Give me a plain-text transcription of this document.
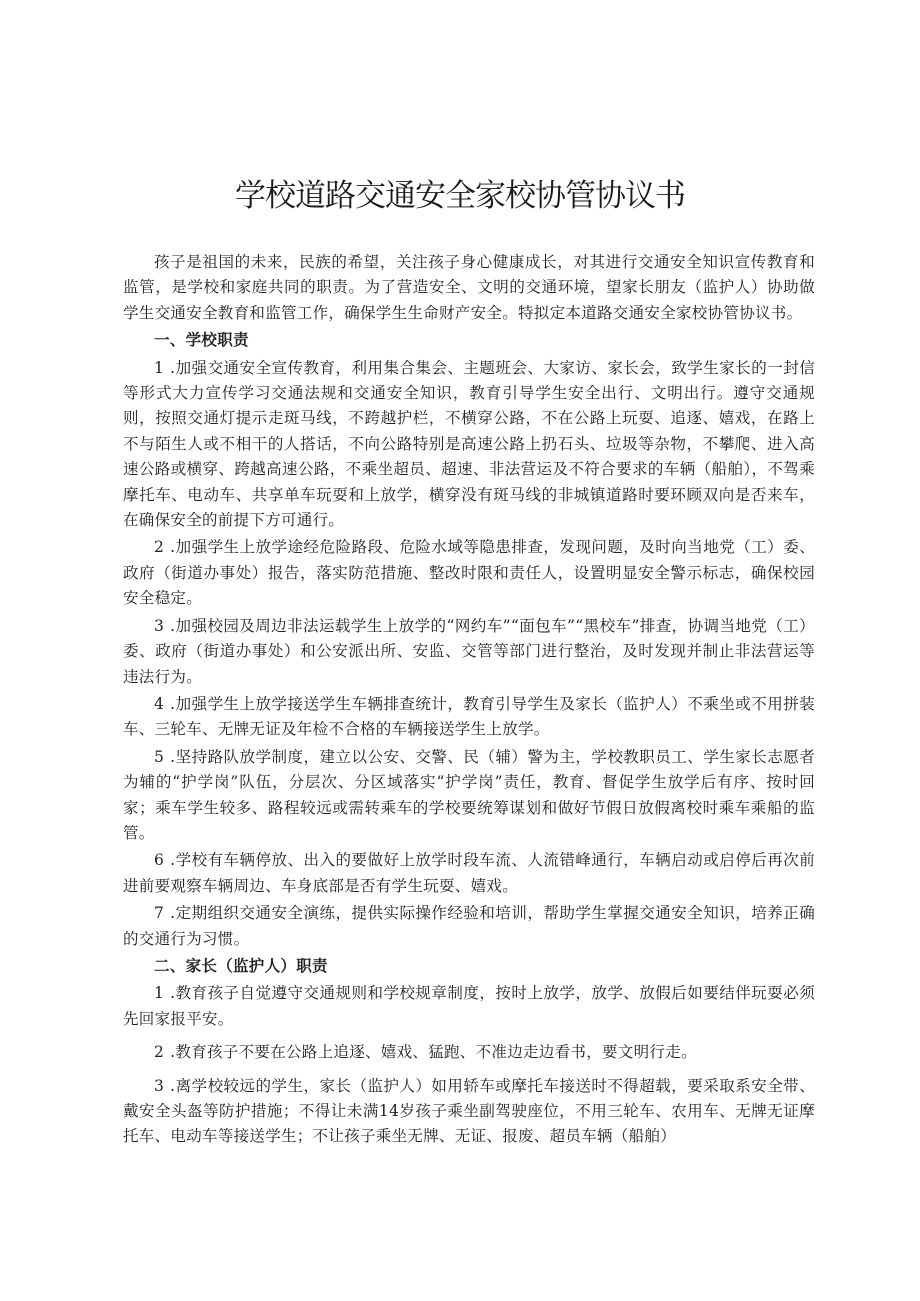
学校道路交通安全家校协管协议书

孩子是祖国的未来，民族的希望，关注孩子身心健康成长，对其进行交通安全知识宣传教育和监管，是学校和家庭共同的职责。为了营造安全、文明的交通环境，望家长朋友（监护人）协助做学生交通安全教育和监管工作，确保学生生命财产安全。特拟定本道路交通安全家校协管协议书。

一、学校职责

1 .加强交通安全宣传教育，利用集合集会、主题班会、大家访、家长会，致学生家长的一封信等形式大力宣传学习交通法规和交通安全知识，教育引导学生安全出行、文明出行。遵守交通规则，按照交通灯提示走斑马线，不跨越护栏，不横穿公路，不在公路上玩耍、追逐、嬉戏，在路上不与陌生人或不相干的人搭话，不向公路特别是高速公路上扔石头、垃圾等杂物，不攀爬、进入高速公路或横穿、跨越高速公路，不乘坐超员、超速、非法营运及不符合要求的车辆（船舶），不驾乘摩托车、电动车、共享单车玩耍和上放学，横穿没有斑马线的非城镇道路时要环顾双向是否来车，在确保安全的前提下方可通行。

2 .加强学生上放学途经危险路段、危险水域等隐患排查，发现问题，及时向当地党（工）委、政府（街道办事处）报告，落实防范措施、整改时限和责任人，设置明显安全警示标志，确保校园安全稳定。

3 .加强校园及周边非法运载学生上放学的“网约车”“面包车”“黑校车”排查，协调当地党（工）委、政府（街道办事处）和公安派出所、安监、交管等部门进行整治，及时发现并制止非法营运等违法行为。

4 .加强学生上放学接送学生车辆排查统计，教育引导学生及家长（监护人）不乘坐或不用拼装车、三轮车、无牌无证及年检不合格的车辆接送学生上放学。

5 .坚持路队放学制度，建立以公安、交警、民（辅）警为主，学校教职员工、学生家长志愿者为辅的“护学岗”队伍，分层次、分区域落实“护学岗”责任，教育、督促学生放学后有序、按时回家；乘车学生较多、路程较远或需转乘车的学校要统筹谋划和做好节假日放假离校时乘车乘船的监管。

6 .学校有车辆停放、出入的要做好上放学时段车流、人流错峰通行，车辆启动或启停后再次前进前要观察车辆周边、车身底部是否有学生玩耍、嬉戏。

7 .定期组织交通安全演练，提供实际操作经验和培训，帮助学生掌握交通安全知识，培养正确的交通行为习惯。

二、家长（监护人）职责

1 .教育孩子自觉遵守交通规则和学校规章制度，按时上放学，放学、放假后如要结伴玩耍必须先回家报平安。

2 .教育孩子不要在公路上追逐、嬉戏、猛跑、不准边走边看书，要文明行走。

3 .离学校较远的学生，家长（监护人）如用轿车或摩托车接送时不得超载，要采取系安全带、戴安全头盔等防护措施；不得让未满14岁孩子乘坐副驾驶座位，不用三轮车、农用车、无牌无证摩托车、电动车等接送学生；不让孩子乘坐无牌、无证、报废、超员车辆（船舶）
